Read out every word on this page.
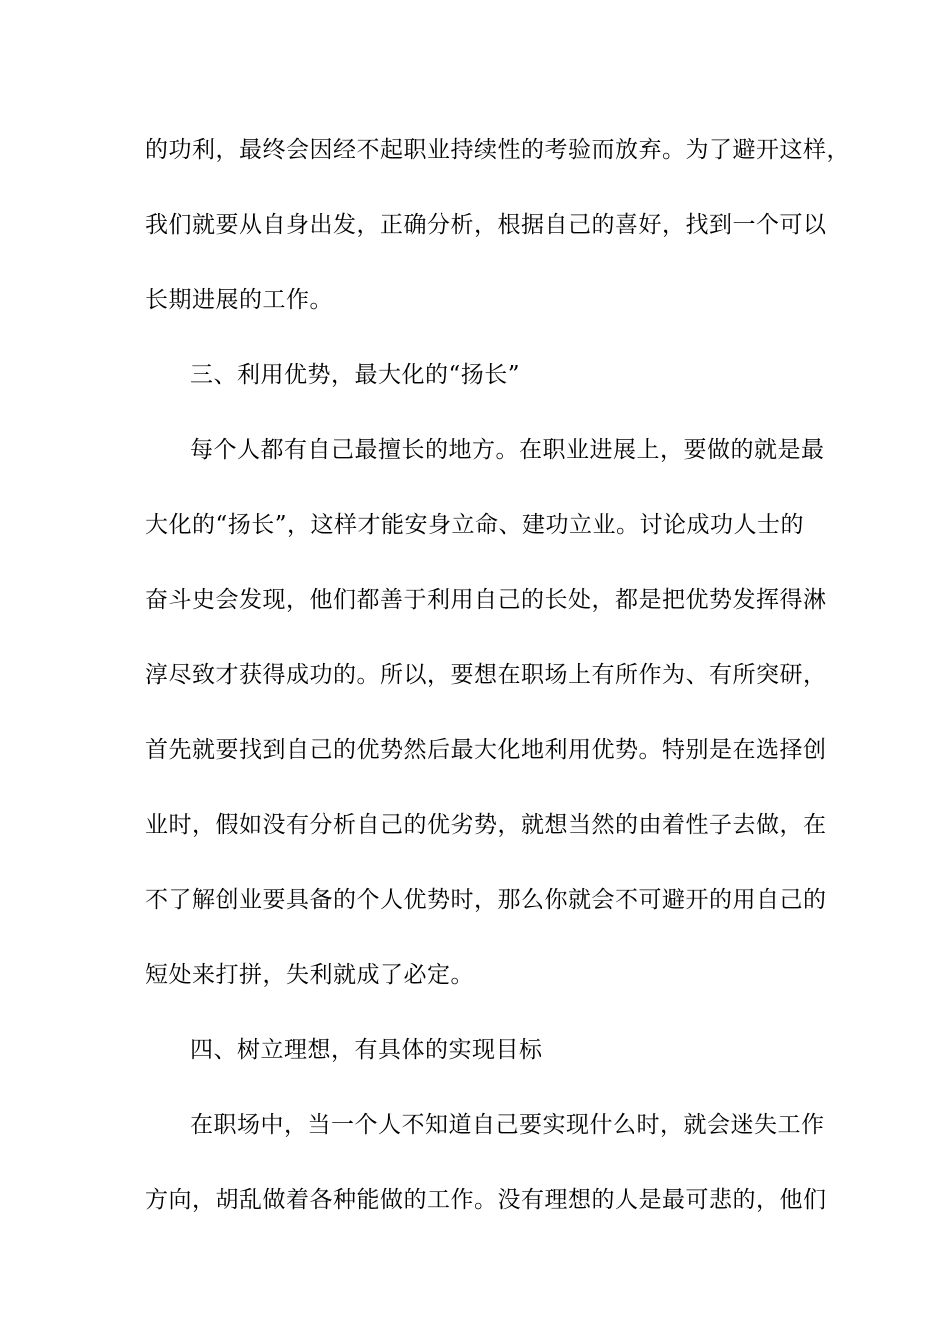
的功利，最终会因经不起职业持续性的考验而放弃。为了避开这样，
我们就要从自身出发，正确分析，根据自己的喜好，找到一个可以
长期进展的工作。
三、利用优势，最大化的“扬长”
每个人都有自己最擅长的地方。在职业进展上，要做的就是最
大化的“扬长”，这样才能安身立命、建功立业。讨论成功人士的
奋斗史会发现，他们都善于利用自己的长处，都是把优势发挥得淋
淳尽致才获得成功的。所以，要想在职场上有所作为、有所突研，
首先就要找到自己的优势然后最大化地利用优势。特别是在选择创
业时，假如没有分析自己的优劣势，就想当然的由着性子去做，在
不了解创业要具备的个人优势时，那么你就会不可避开的用自己的
短处来打拼，失利就成了必定。
四、树立理想，有具体的实现目标
在职场中，当一个人不知道自己要实现什么时，就会迷失工作
方向，胡乱做着各种能做的工作。没有理想的人是最可悲的，他们
